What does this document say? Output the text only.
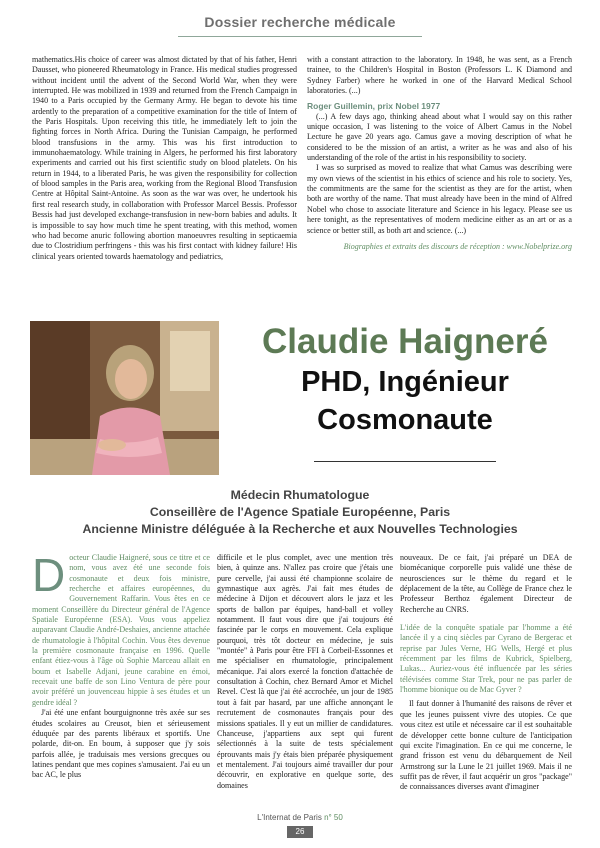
Dossier recherche médicale

mathematics.His choice of career was almost dictated by that of his father, Henri Dausset, who pioneered Rheumatology in France. His medical studies progressed without incident until the advent of the Second World War, when they were interrupted. He was mobilized in 1939 and returned from the French Campaign in 1940 to a Paris occupied by the Germany Army. He began to devote his time ardently to the preparation of a competitive examination for the title of Intern of the Paris Hospitals. Upon receiving this title, he immediately left to join the fighting forces in North Africa. During the Tunisian Campaign, he performed blood transfusions in the army. This was his first introduction to immunohaematology. While training in Algers, he performed his first laboratory experiments and carried out his first scientific study on blood platelets. On his return in 1944, to a liberated Paris, he was given the responsibility for collection of blood samples in the Paris area, working from the Regional Blood Transfusion Centre at Hôpital Saint-Antoine. As soon as the war was over, he undertook his first real research study, in collaboration with Professor Marcel Bessis. Professor Bessis had just developed exchange-transfusion in new-born babies and adults. It is impossible to say how much time he spent treating, with this method, women who had become anuric following abortion manoeuvres resulting in septicaemia due to Clostridium perfringens - this was his first contact with kidney failure! His clinical years oriented towards haematology and pediatrics,

with a constant attraction to the laboratory. In 1948, he was sent, as a French trainee, to the Children's Hospital in Boston (Professors L. K Diamond and Sydney Farber) where he worked in one of the Harvard Medical School laboratories. (...)

Roger Guillemin, prix Nobel 1977

(...) A few days ago, thinking ahead about what I would say on this rather unique occasion, I was listening to the voice of Albert Camus in the Nobel Lecture he gave 20 years ago. Camus gave a moving description of what he considered to be the mission of an artist, a writer as he was and also of his understanding of the role of the artist in his responsibility to society.

I was so surprised as moved to realize that what Camus was describing were my own views of the scientist in his ethics of science and his role to society. Yes, the commitments are the same for the scientist as they are for the artist, when both are worthy of the name. That must already have been in the mind of Alfred Nobel who chose to associate literature and Science in his legacy. Please see us here tonight, as the representatives of modern medicine either as an art or as a science or better still, as both art and science. (...)

Biographies et extraits des discours de réception : www.Nobelprize.org
Claudie Haigneré
PHD, Ingénieur
Cosmonaute
Médecin Rhumatologue
Conseillère de l'Agence Spatiale Européenne, Paris
Ancienne Ministre déléguée à la Recherche et aux Nouvelles Technologies
D octeur Claudie Haigneré, sous ce titre et ce nom, vous avez été une seconde fois cosmonaute et deux fois ministre, recherche et affaires européennes, du Gouvernement Raffarin. Vous êtes en ce moment Conseillère du Directeur général de l'Agence Spatiale Européenne (ESA). Vous vous appeliez auparavant Claudie André-Deshaies, ancienne attachée de rhumatologie à l'hôpital Cochin. Vous êtes devenue la première cosmonaute française en 1996. Quelle enfant étiez-vous à l'âge où Sophie Marceau allait en boum et Isabelle Adjani, jeune carabine en émoi, recevait une baffe de son Lino Ventura de père pour avoir préféré un jouvenceau hippie à ses études et un gendre idéal ?

J'ai été une enfant bourguignonne très axée sur ses études scolaires au Creusot, bien et sérieusement éduquée par des parents libéraux et sportifs. Une polarde, dit-on. En boum, à supposer que j'y sois parfois allée, je traduisais mes versions grecques ou latines pendant que mes copines s'amusaient. J'ai eu un bac AC, le plus

difficile et le plus complet, avec une mention très bien, à quinze ans. N'allez pas croire que j'étais une pure cervelle, j'ai aussi été championne scolaire de gymnastique aux agrès. J'ai fait mes études de médecine à Dijon et découvert alors le jazz et les sports de ballon par équipes, hand-ball et volley notamment. Il faut vous dire que j'ai toujours été fascinée par le corps en mouvement. Cela explique pourquoi, très tôt docteur en médecine, je suis "montée" à Paris pour être FFI à Corbeil-Essonnes et me spécialiser en rhumatologie, principalement mécanique. J'ai alors exercé la fonction d'attachée de consultation à Cochin, chez Bernard Amor et Michel Revel. C'est là que j'ai été accrochée, un jour de 1985 tout à fait par hasard, par une affiche annonçant le recrutement de cosmonautes français pour des missions spatiales. Il y eut un millier de candidatures. Chanceuse, j'appartiens aux sept qui furent sélectionnés à la suite de tests spécialement éprouvants mais j'y étais bien préparée physiquement et mentalement. J'ai toujours aimé travailler dur pour découvrir, en explorative en quelque sorte, des domaines

nouveaux. De ce fait, j'ai préparé un DEA de biomécanique corporelle puis validé une thèse de neurosciences sur le thème du regard et le déplacement de la tête, au Collège de France chez le Professeur Berthoz également Directeur de Recherche au CNRS.

L'idée de la conquête spatiale par l'homme a été lancée il y a cinq siècles par Cyrano de Bergerac et reprise par Jules Verne, HG Wells, Hergé et plus récemment par les films de Kubrick, Spielberg, Lukas... Auriez-vous été influencée par les séries télévisées comme Star Trek, pour ne pas parler de l'homme bionique ou de Mac Gyver ?

Il faut donner à l'humanité des raisons de rêver et que les jeunes puissent vivre des utopies. Ce que vous citez est utile et nécessaire car il est souhaitable de développer cette bonne culture de l'anticipation qui excite l'imagination. En ce qui me concerne, le grand frisson est venu du débarquement de Neil Armstrong sur la Lune le 21 juillet 1969. Mais il ne suffit pas de rêver, il faut acquérir un gros "package" de connaissances diverses avant d'imaginer

L'Internat de Paris n° 50
26
